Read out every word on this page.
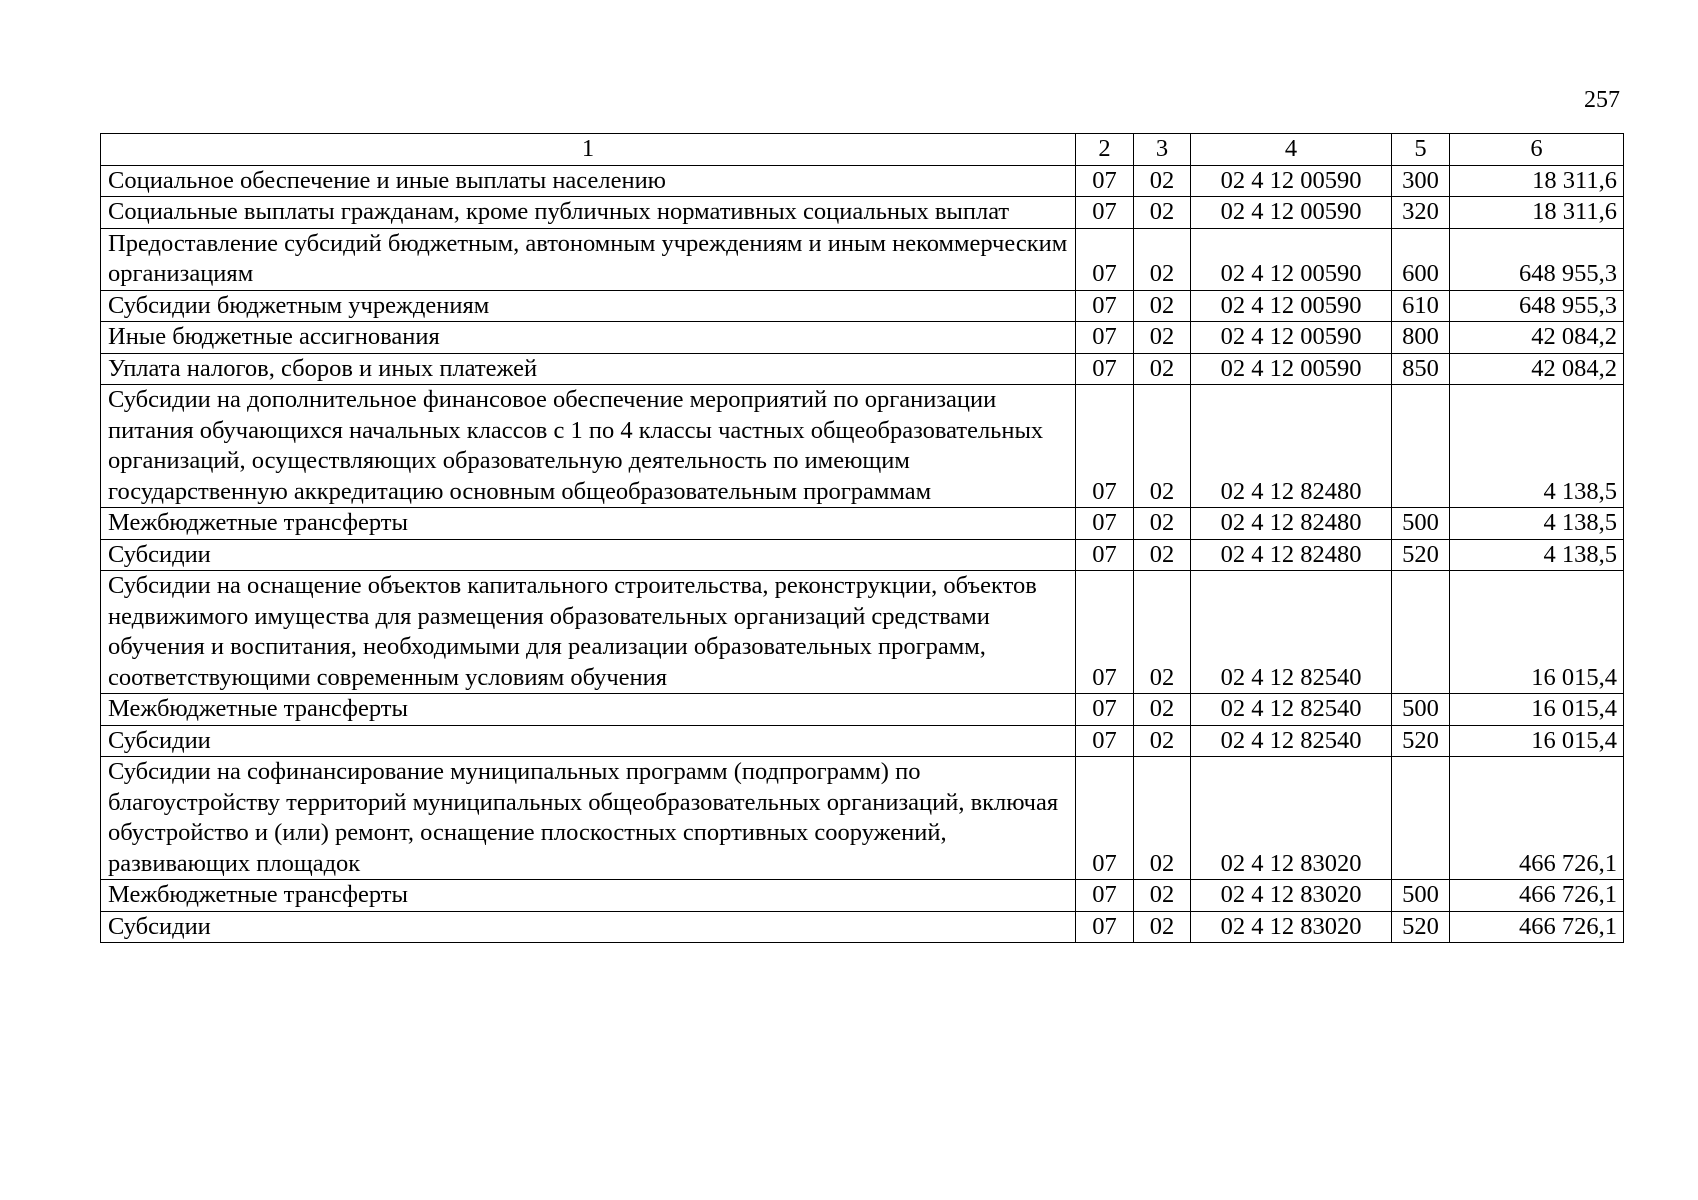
257
1	2	3	4	5	6
Социальное обеспечение и иные выплаты населению	07	02	02 4 12 00590	300	18 311,6
Социальные выплаты гражданам, кроме публичных нормативных социальных выплат	07	02	02 4 12 00590	320	18 311,6
Предоставление субсидий бюджетным, автономным учреждениям и иным некоммерческим организациям	07	02	02 4 12 00590	600	648 955,3
Субсидии бюджетным учреждениям	07	02	02 4 12 00590	610	648 955,3
Иные бюджетные ассигнования	07	02	02 4 12 00590	800	42 084,2
Уплата налогов, сборов и иных платежей	07	02	02 4 12 00590	850	42 084,2
Субсидии на дополнительное финансовое обеспечение мероприятий по организации питания обучающихся начальных классов с 1 по 4 классы частных общеобразовательных организаций, осуществляющих образовательную деятельность по имеющим государственную аккредитацию основным общеобразовательным программам	07	02	02 4 12 82480		4 138,5
Межбюджетные трансферты	07	02	02 4 12 82480	500	4 138,5
Субсидии	07	02	02 4 12 82480	520	4 138,5
Субсидии на оснащение объектов капитального строительства, реконструкции, объектов недвижимого имущества для размещения образовательных организаций средствами обучения и воспитания, необходимыми для реализации образовательных программ, соответствующими современным условиям обучения	07	02	02 4 12 82540		16 015,4
Межбюджетные трансферты	07	02	02 4 12 82540	500	16 015,4
Субсидии	07	02	02 4 12 82540	520	16 015,4
Субсидии на софинансирование муниципальных программ (подпрограмм) по благоустройству территорий муниципальных общеобразовательных организаций, включая обустройство и (или) ремонт, оснащение плоскостных спортивных сооружений, развивающих площадок	07	02	02 4 12 83020		466 726,1
Межбюджетные трансферты	07	02	02 4 12 83020	500	466 726,1
Субсидии	07	02	02 4 12 83020	520	466 726,1
